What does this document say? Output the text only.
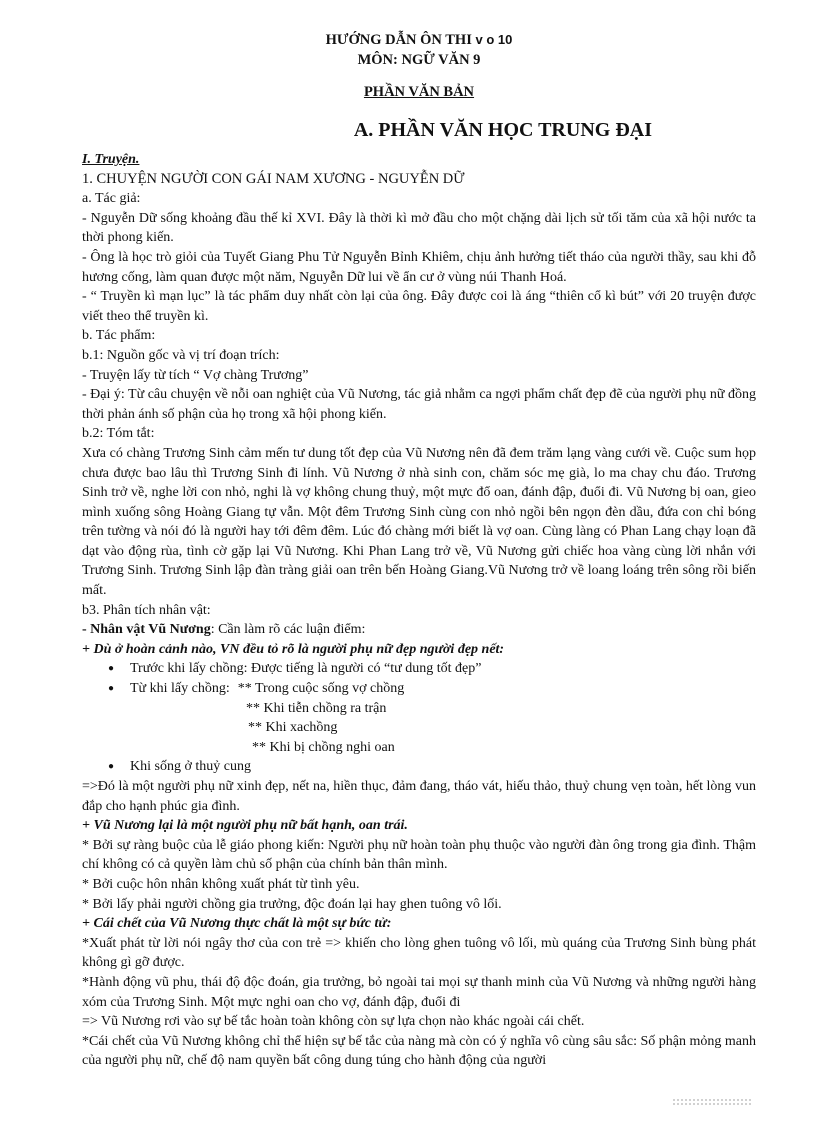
HƯỚNG DẪN ÔN THI v o 10
MÔN: NGỮ VĂN 9
PHẦN VĂN BẢN
A. PHẦN VĂN HỌC TRUNG ĐẠI

I. Truyện.

1. CHUYỆN NGƯỜI CON GÁI NAM XƯƠNG - NGUYỄN DỮ

a. Tác giả:

- Nguyễn Dữ sống khoảng đầu thế kỉ XVI. Đây là thời kì mở đầu cho một chặng dài lịch sử tối tăm của xã hội nước ta thời phong kiến.

- Ông là học trò giỏi của Tuyết Giang Phu Tử Nguyễn Bỉnh Khiêm, chịu ảnh hưởng tiết tháo của người thầy, sau khi đỗ hương cống, làm quan được một năm, Nguyễn Dữ lui về ẩn cư ở vùng núi Thanh Hoá.

- “ Truyền kì mạn lục” là tác phẩm duy nhất còn lại của ông. Đây được coi là áng “thiên cổ kì bút” với 20 truyện được viết theo thể truyền kì.

b. Tác phẩm:

b.1: Nguồn gốc và vị trí đoạn trích:

- Truyện lấy từ tích “ Vợ chàng Trương”

- Đại ý: Từ câu chuyện về nỗi oan nghiệt của Vũ Nương, tác giả nhằm ca ngợi phẩm chất đẹp đẽ của người phụ nữ đồng thời phản ánh số phận của họ trong xã hội phong kiến.

b.2: Tóm tắt:

Xưa có chàng Trương Sinh cảm mến tư dung tốt đẹp của Vũ Nương nên đã đem trăm lạng vàng cưới về. Cuộc sum họp chưa được bao lâu thì Trương Sinh đi lính. Vũ Nương ở nhà sinh con, chăm sóc mẹ già, lo ma chay chu đáo. Trương Sinh trở về, nghe lời con nhỏ, nghi là vợ không chung thuỷ, một mực đổ oan, đánh đập, đuổi đi. Vũ Nương bị oan, gieo mình xuống sông Hoàng Giang tự vẫn. Một đêm Trương Sinh cùng con nhỏ ngồi bên ngọn đèn dầu, đứa con chỉ bóng trên tường và nói đó là người hay tới đêm đêm. Lúc đó chàng mới biết là vợ oan. Cùng làng có Phan Lang chạy loạn đã dạt vào động rùa, tình cờ gặp lại Vũ Nương. Khi Phan Lang trở về, Vũ Nương gửi chiếc hoa vàng cùng lời nhắn với Trương Sinh. Trương Sinh lập đàn tràng giải oan trên bến Hoàng Giang.Vũ Nương trở về loang loáng trên sông rồi biến mất.

b3. Phân tích nhân vật:

- Nhân vật Vũ Nương: Cần làm rõ các luận điểm:

+ Dù ở hoàn cảnh nào, VN đều tỏ rõ là người phụ nữ đẹp người đẹp nết:

● Trước khi lấy chồng: Được tiếng là người có “tư dung tốt đẹp”
● Từ khi lấy chồng: ** Trong cuộc sống vợ chồng
** Khi tiễn chồng ra trận
** Khi xachồng
** Khi bị chồng nghi oan
● Khi sống ở thuỷ cung

=>Đó là một người phụ nữ xinh đẹp, nết na, hiền thục, đảm đang, tháo vát, hiếu thảo, thuỷ chung vẹn toàn, hết lòng vun đắp cho hạnh phúc gia đình.

+ Vũ Nương lại là một người phụ nữ bất hạnh, oan trái.

* Bởi sự ràng buộc của lễ giáo phong kiến: Người phụ nữ hoàn toàn phụ thuộc vào người đàn ông trong gia đình. Thậm chí không có cả quyền làm chủ số phận của chính bản thân mình.

* Bởi cuộc hôn nhân không xuất phát từ tình yêu.

* Bởi lấy phải người chồng gia trưởng, độc đoán lại hay ghen tuông vô lối.

+ Cái chết của Vũ Nương thực chất là một sự bức tử:

*Xuất phát từ lời nói ngây thơ của con trẻ => khiến cho lòng ghen tuông vô lối, mù quáng của Trương Sinh bùng phát không gì gỡ được.

*Hành động vũ phu, thái độ độc đoán, gia trưởng, bỏ ngoài tai mọi sự thanh minh của Vũ Nương và những người hàng xóm của Trương Sinh. Một mực nghi oan cho vợ, đánh đập, đuổi đi

=> Vũ Nương rơi vào sự bế tắc hoàn toàn không còn sự lựa chọn nào khác ngoài cái chết.

*Cái chết của Vũ Nương không chỉ thể hiện sự bế tắc của nàng mà còn có ý nghĩa vô cùng sâu sắc: Số phận mỏng manh của người phụ nữ, chế độ nam quyền bất công dung túng cho hành động của người
